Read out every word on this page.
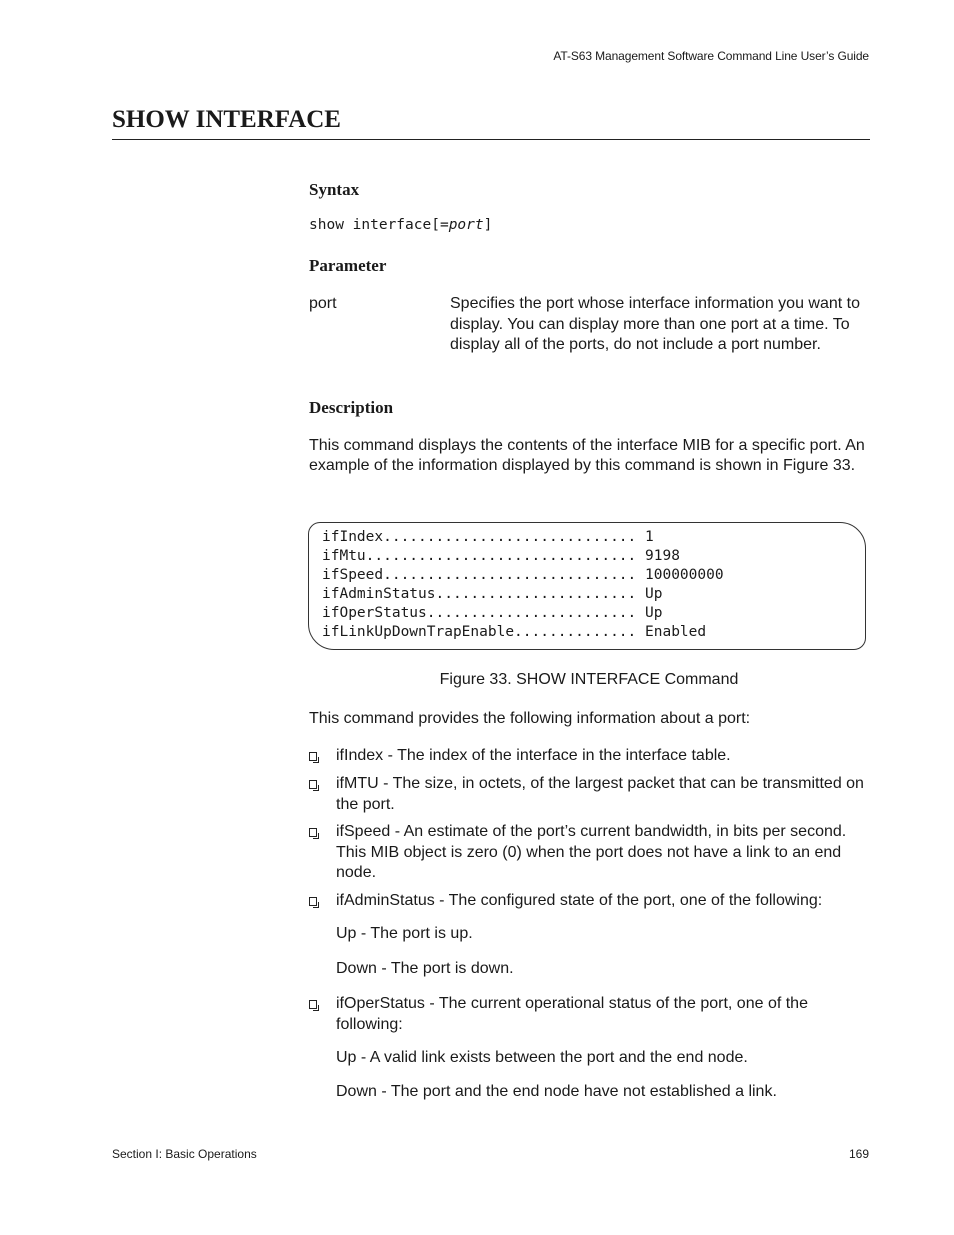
AT-S63 Management Software Command Line User’s Guide
SHOW INTERFACE
Syntax
show interface[=port]
Parameter
port	Specifies the port whose interface information you want to display. You can display more than one port at a time. To display all of the ports, do not include a port number.
Description
This command displays the contents of the interface MIB for a specific port. An example of the information displayed by this command is shown in Figure 33.
ifIndex............................. 1
ifMtu............................... 9198
ifSpeed............................. 100000000
ifAdminStatus....................... Up
ifOperStatus........................ Up
ifLinkUpDownTrapEnable.............. Enabled
Figure 33. SHOW INTERFACE Command
This command provides the following information about a port:
ifIndex - The index of the interface in the interface table.
ifMTU - The size, in octets, of the largest packet that can be transmitted on the port.
ifSpeed - An estimate of the port’s current bandwidth, in bits per second. This MIB object is zero (0) when the port does not have a link to an end node.
ifAdminStatus - The configured state of the port, one of the following:
Up - The port is up.
Down - The port is down.
ifOperStatus - The current operational status of the port, one of the following:
Up - A valid link exists between the port and the end node.
Down - The port and the end node have not established a link.
Section I: Basic Operations	169
